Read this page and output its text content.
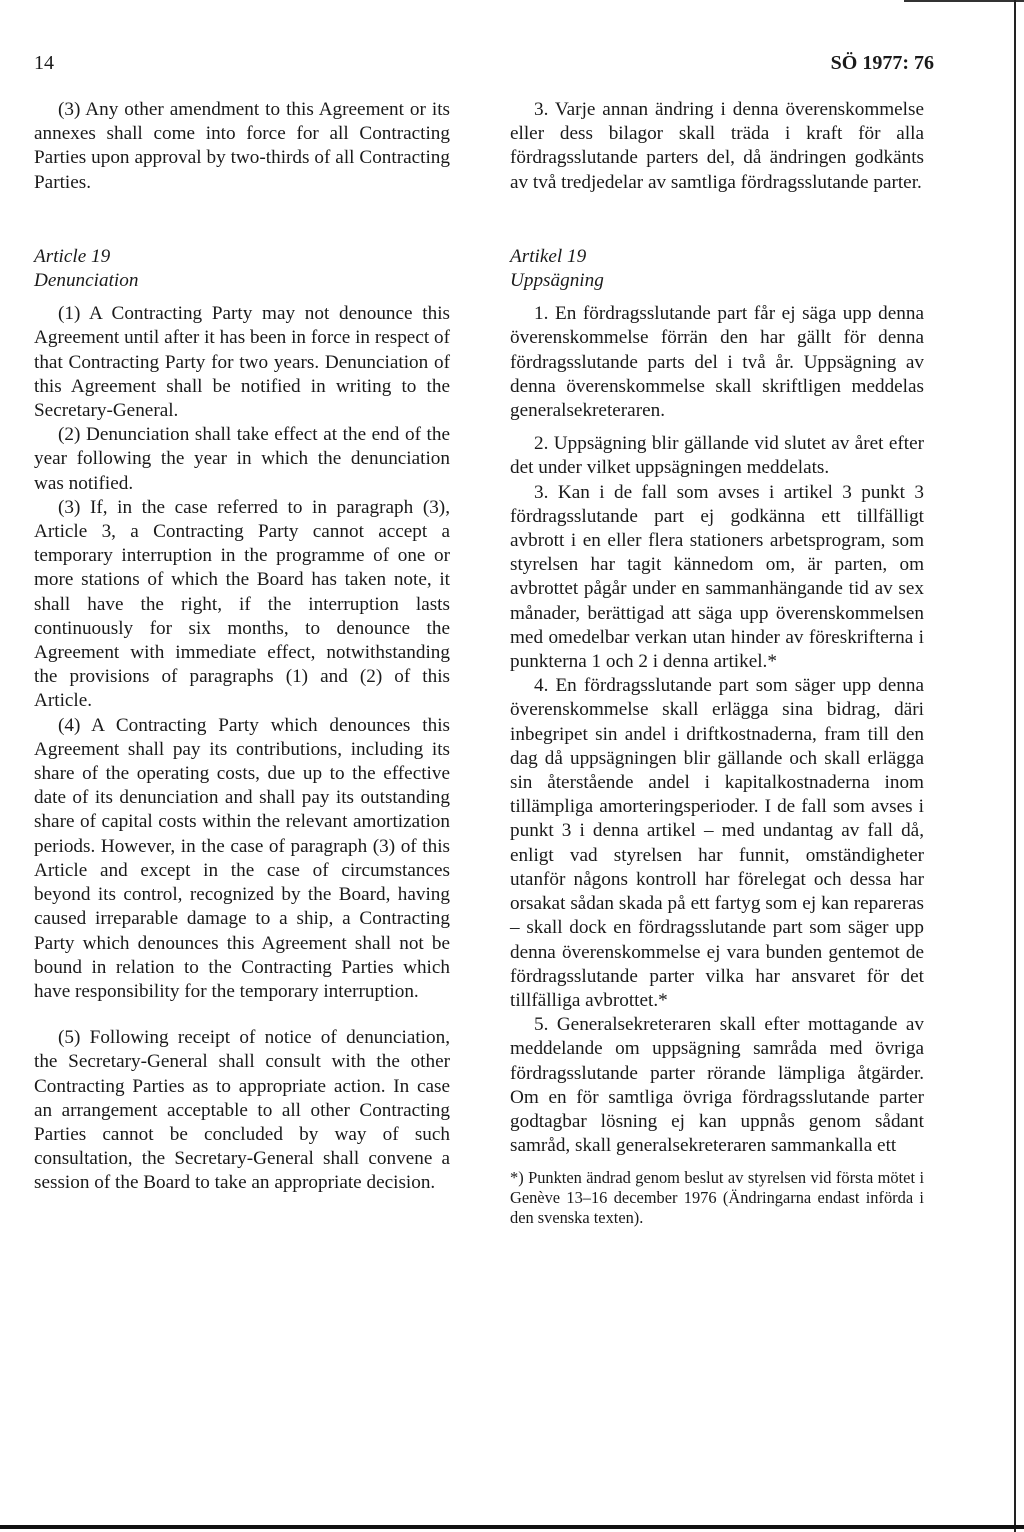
14	SÖ 1977: 76

(3) Any other amendment to this Agreement or its annexes shall come into force for all Contracting Parties upon approval by two-thirds of all Contracting Parties.

Article 19

Denunciation

(1) A Contracting Party may not denounce this Agreement until after it has been in force in respect of that Contracting Party for two years. Denunciation of this Agreement shall be notified in writing to the Secretary-General.

(2) Denunciation shall take effect at the end of the year following the year in which the denunciation was notified.

(3) If, in the case referred to in paragraph (3), Article 3, a Contracting Party cannot accept a temporary interruption in the programme of one or more stations of which the Board has taken note, it shall have the right, if the interruption lasts continuously for six months, to denounce the Agreement with immediate effect, notwithstanding the provisions of paragraphs (1) and (2) of this Article.

(4) A Contracting Party which denounces this Agreement shall pay its contributions, including its share of the operating costs, due up to the effective date of its denunciation and shall pay its outstanding share of capital costs within the relevant amortization periods. However, in the case of paragraph (3) of this Article and except in the case of circumstances beyond its control, recognized by the Board, having caused irreparable damage to a ship, a Contracting Party which denounces this Agreement shall not be bound in relation to the Contracting Parties which have responsibility for the temporary interruption.

(5) Following receipt of notice of denunciation, the Secretary-General shall consult with the other Contracting Parties as to appropriate action. In case an arrangement acceptable to all other Contracting Parties cannot be concluded by way of such consultation, the Secretary-General shall convene a session of the Board to take an appropriate decision.

3. Varje annan ändring i denna överenskommelse eller dess bilagor skall träda i kraft för alla fördragsslutande parters del, då ändringen godkänts av två tredjedelar av samtliga fördragsslutande parter.

Artikel 19

Uppsägning

1. En fördragsslutande part får ej säga upp denna överenskommelse förrän den har gällt för denna fördragsslutande parts del i två år. Uppsägning av denna överenskommelse skall skriftligen meddelas generalsekreteraren.

2. Uppsägning blir gällande vid slutet av året efter det under vilket uppsägningen meddelats.

3. Kan i de fall som avses i artikel 3 punkt 3 fördragsslutande part ej godkänna ett tillfälligt avbrott i en eller flera stationers arbetsprogram, som styrelsen har tagit kännedom om, är parten, om avbrottet pågår under en sammanhängande tid av sex månader, berättigad att säga upp överenskommelsen med omedelbar verkan utan hinder av föreskrifterna i punkterna 1 och 2 i denna artikel.*

4. En fördragsslutande part som säger upp denna överenskommelse skall erlägga sina bidrag, däri inbegripet sin andel i driftkostnaderna, fram till den dag då uppsägningen blir gällande och skall erlägga sin återstående andel i kapitalkostnaderna inom tillämpliga amorteringsperioder. I de fall som avses i punkt 3 i denna artikel – med undantag av fall då, enligt vad styrelsen har funnit, omständigheter utanför någons kontroll har förelegat och dessa har orsakat sådan skada på ett fartyg som ej kan repareras – skall dock en fördragsslutande part som säger upp denna överenskommelse ej vara bunden gentemot de fördragsslutande parter vilka har ansvaret för det tillfälliga avbrottet.*

5. Generalsekreteraren skall efter mottagande av meddelande om uppsägning samråda med övriga fördragsslutande parter rörande lämpliga åtgärder. Om en för samtliga övriga fördragsslutande parter godtagbar lösning ej kan uppnås genom sådant samråd, skall generalsekreteraren sammankalla ett

*) Punkten ändrad genom beslut av styrelsen vid första mötet i Genève 13–16 december 1976 (Ändringarna endast införda i den svenska texten).
